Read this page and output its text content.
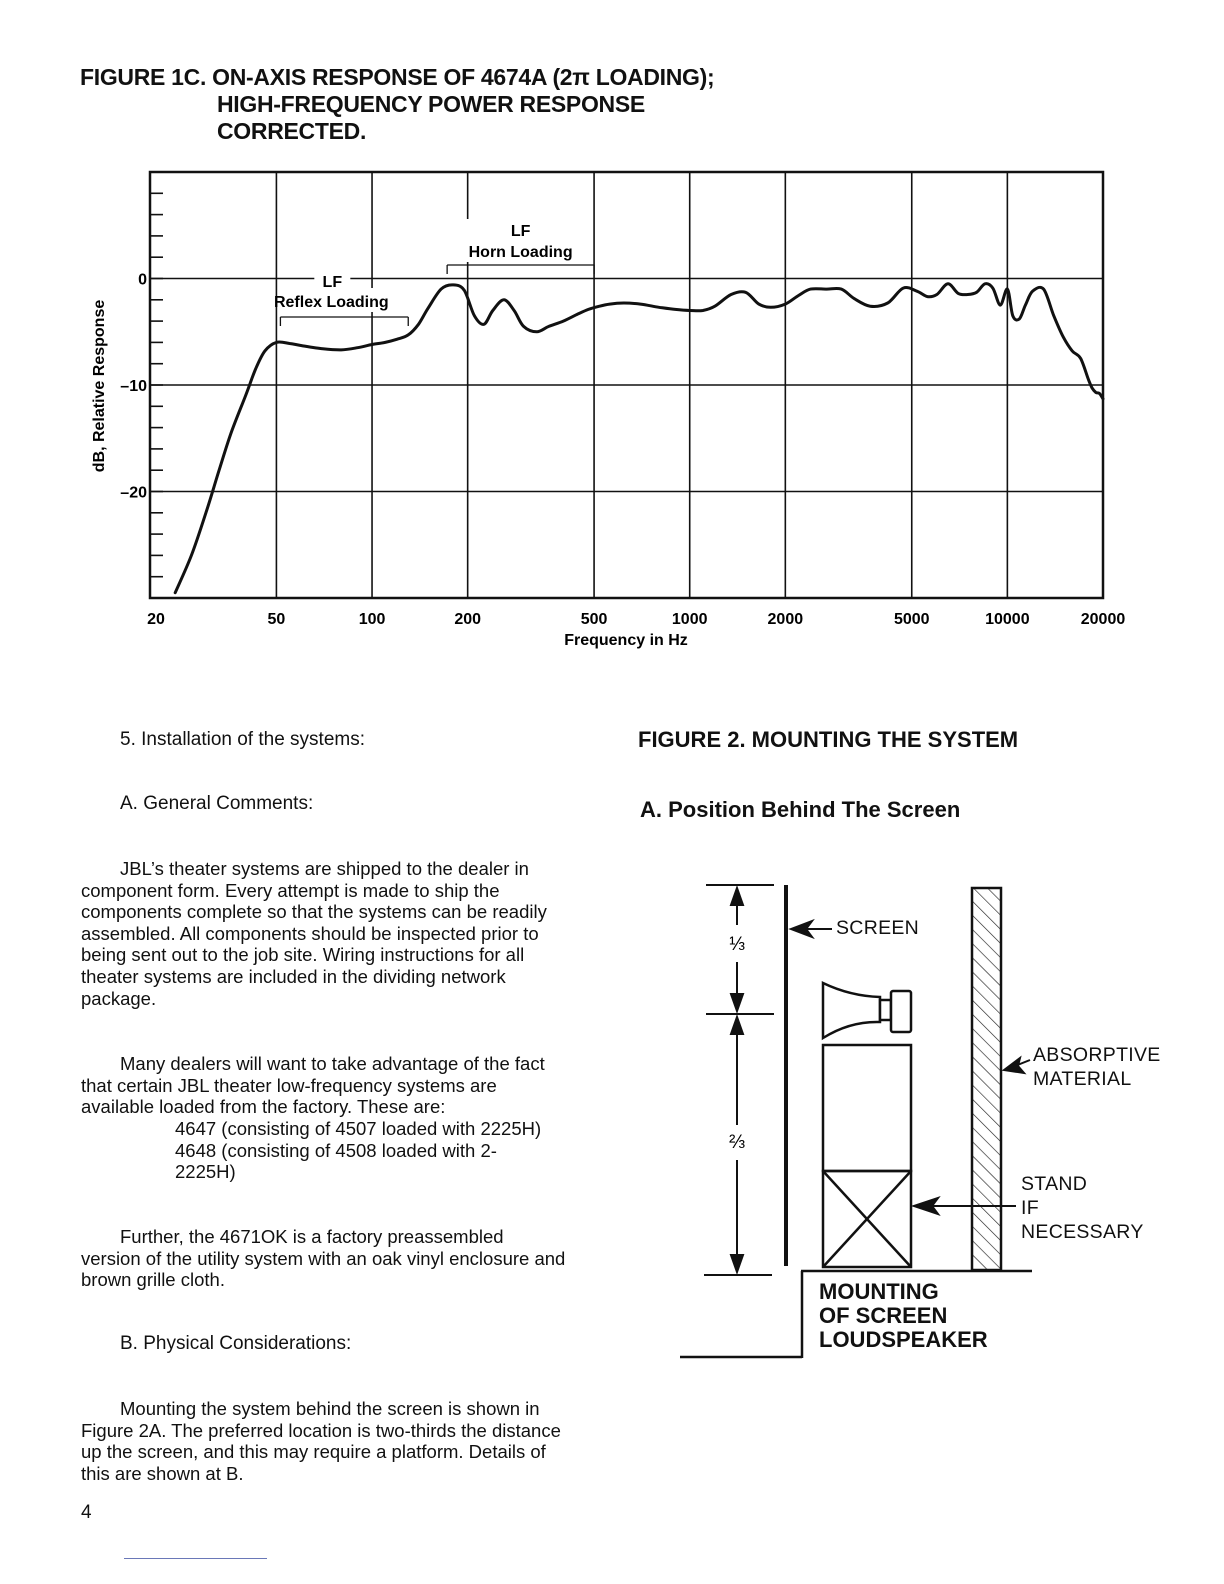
FIGURE 1C. ON-AXIS RESPONSE OF 4674A (2π LOADING);
HIGH-FREQUENCY POWER RESPONSE
CORRECTED.
LF
Reflex Loading
LF
Horn Loading
20	50	100	200	500	1000	2000	5000	10000	20000
0
–10
–20
Frequency in Hz
dB, Relative Response
5. Installation of the systems:
A. General Comments:
JBL’s theater systems are shipped to the dealer in component form. Every attempt is made to ship the components complete so that the systems can be readily assembled. All components should be inspected prior to being sent out to the job site. Wiring instructions for all theater systems are included in the dividing network package.
Many dealers will want to take advantage of the fact that certain JBL theater low-frequency systems are available loaded from the factory. These are:
4647 (consisting of 4507 loaded with 2225H)
4648 (consisting of 4508 loaded with 2-
2225H)
Further, the 4671OK is a factory preassembled version of the utility system with an oak vinyl enclosure and brown grille cloth.
B. Physical Considerations:
Mounting the system behind the screen is shown in Figure 2A. The preferred location is two-thirds the distance up the screen, and this may require a platform. Details of this are shown at B.
4
FIGURE 2. MOUNTING THE SYSTEM
A. Position Behind The Screen
⅓
⅔
SCREEN
ABSORPTIVE
MATERIAL
STAND
IF
NECESSARY
MOUNTING
OF SCREEN
LOUDSPEAKER
